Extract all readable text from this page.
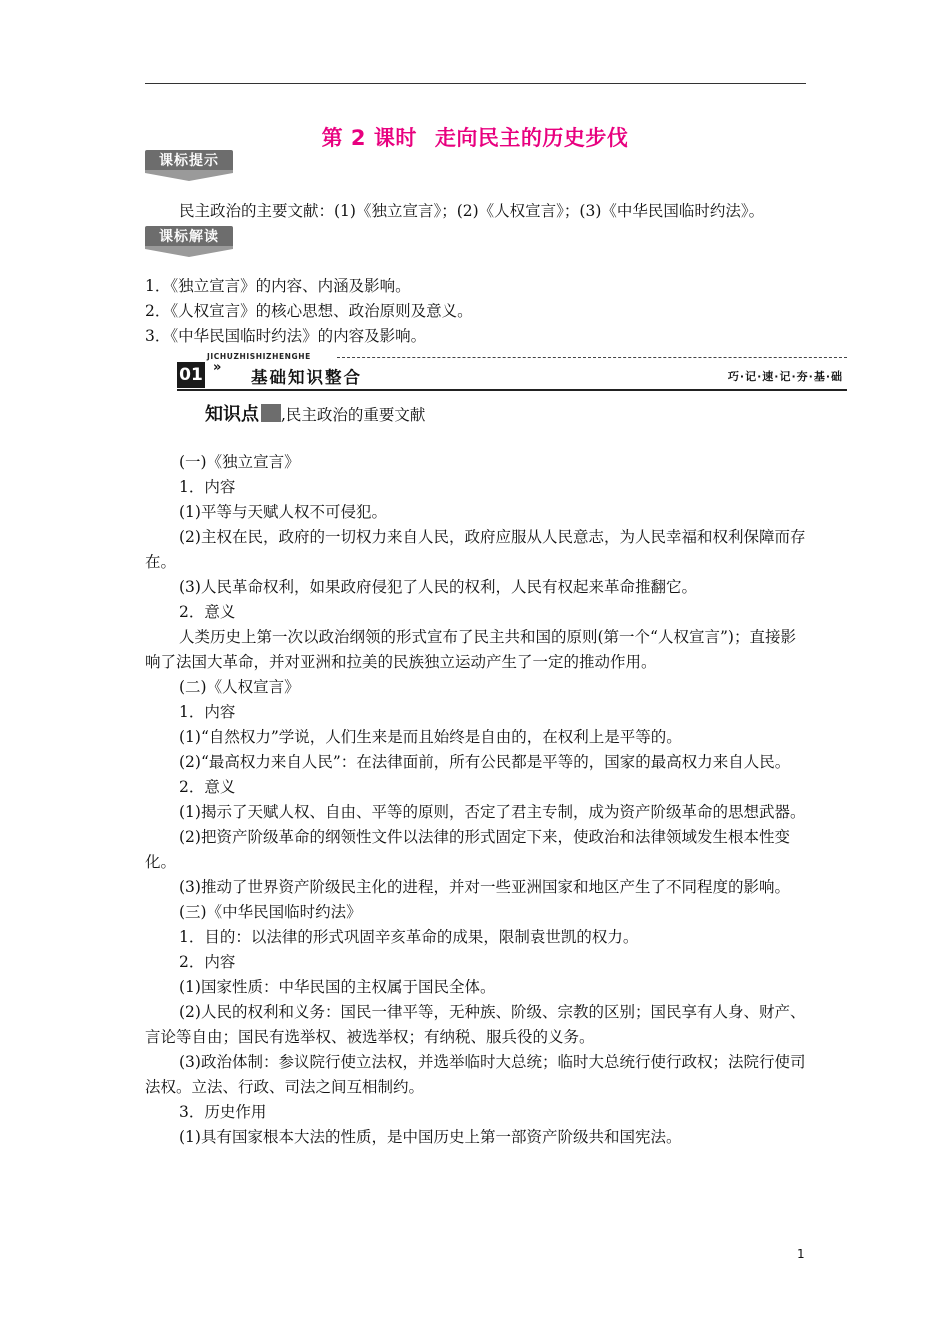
第 2 课时 走向民主的历史步伐
课标提示
民主政治的主要文献：(1)《独立宣言》；(2)《人权宣言》；(3)《中华民国临时约法》。
课标解读
1．《独立宣言》的内容、内涵及影响。
2．《人权宣言》的核心思想、政治原则及意义。
3．《中华民国临时约法》的内容及影响。
JICHUZHISHIZHENGHE
01 »
基础知识整合	巧·记·速·记·夯·基·础
知识点 ,民主政治的重要文献

(一)《独立宣言》

1．内容

(1)平等与天赋人权不可侵犯。

(2)主权在民，政府的一切权力来自人民，政府应服从人民意志，为人民幸福和权利保障而存在。

(3)人民革命权利，如果政府侵犯了人民的权利，人民有权起来革命推翻它。

2．意义

人类历史上第一次以政治纲领的形式宣布了民主共和国的原则(第一个“人权宣言”)；直接影响了法国大革命，并对亚洲和拉美的民族独立运动产生了一定的推动作用。

(二)《人权宣言》

1．内容

(1)“自然权力”学说，人们生来是而且始终是自由的，在权利上是平等的。

(2)“最高权力来自人民”：在法律面前，所有公民都是平等的，国家的最高权力来自人民。

2．意义

(1)揭示了天赋人权、自由、平等的原则，否定了君主专制，成为资产阶级革命的思想武器。

(2)把资产阶级革命的纲领性文件以法律的形式固定下来，使政治和法律领域发生根本性变化。

(3)推动了世界资产阶级民主化的进程，并对一些亚洲国家和地区产生了不同程度的影响。

(三)《中华民国临时约法》

1．目的：以法律的形式巩固辛亥革命的成果，限制袁世凯的权力。

2．内容

(1)国家性质：中华民国的主权属于国民全体。

(2)人民的权利和义务：国民一律平等，无种族、阶级、宗教的区别；国民享有人身、财产、言论等自由；国民有选举权、被选举权；有纳税、服兵役的义务。

(3)政治体制：参议院行使立法权，并选举临时大总统；临时大总统行使行政权；法院行使司法权。立法、行政、司法之间互相制约。

3．历史作用

(1)具有国家根本大法的性质，是中国历史上第一部资产阶级共和国宪法。

1
